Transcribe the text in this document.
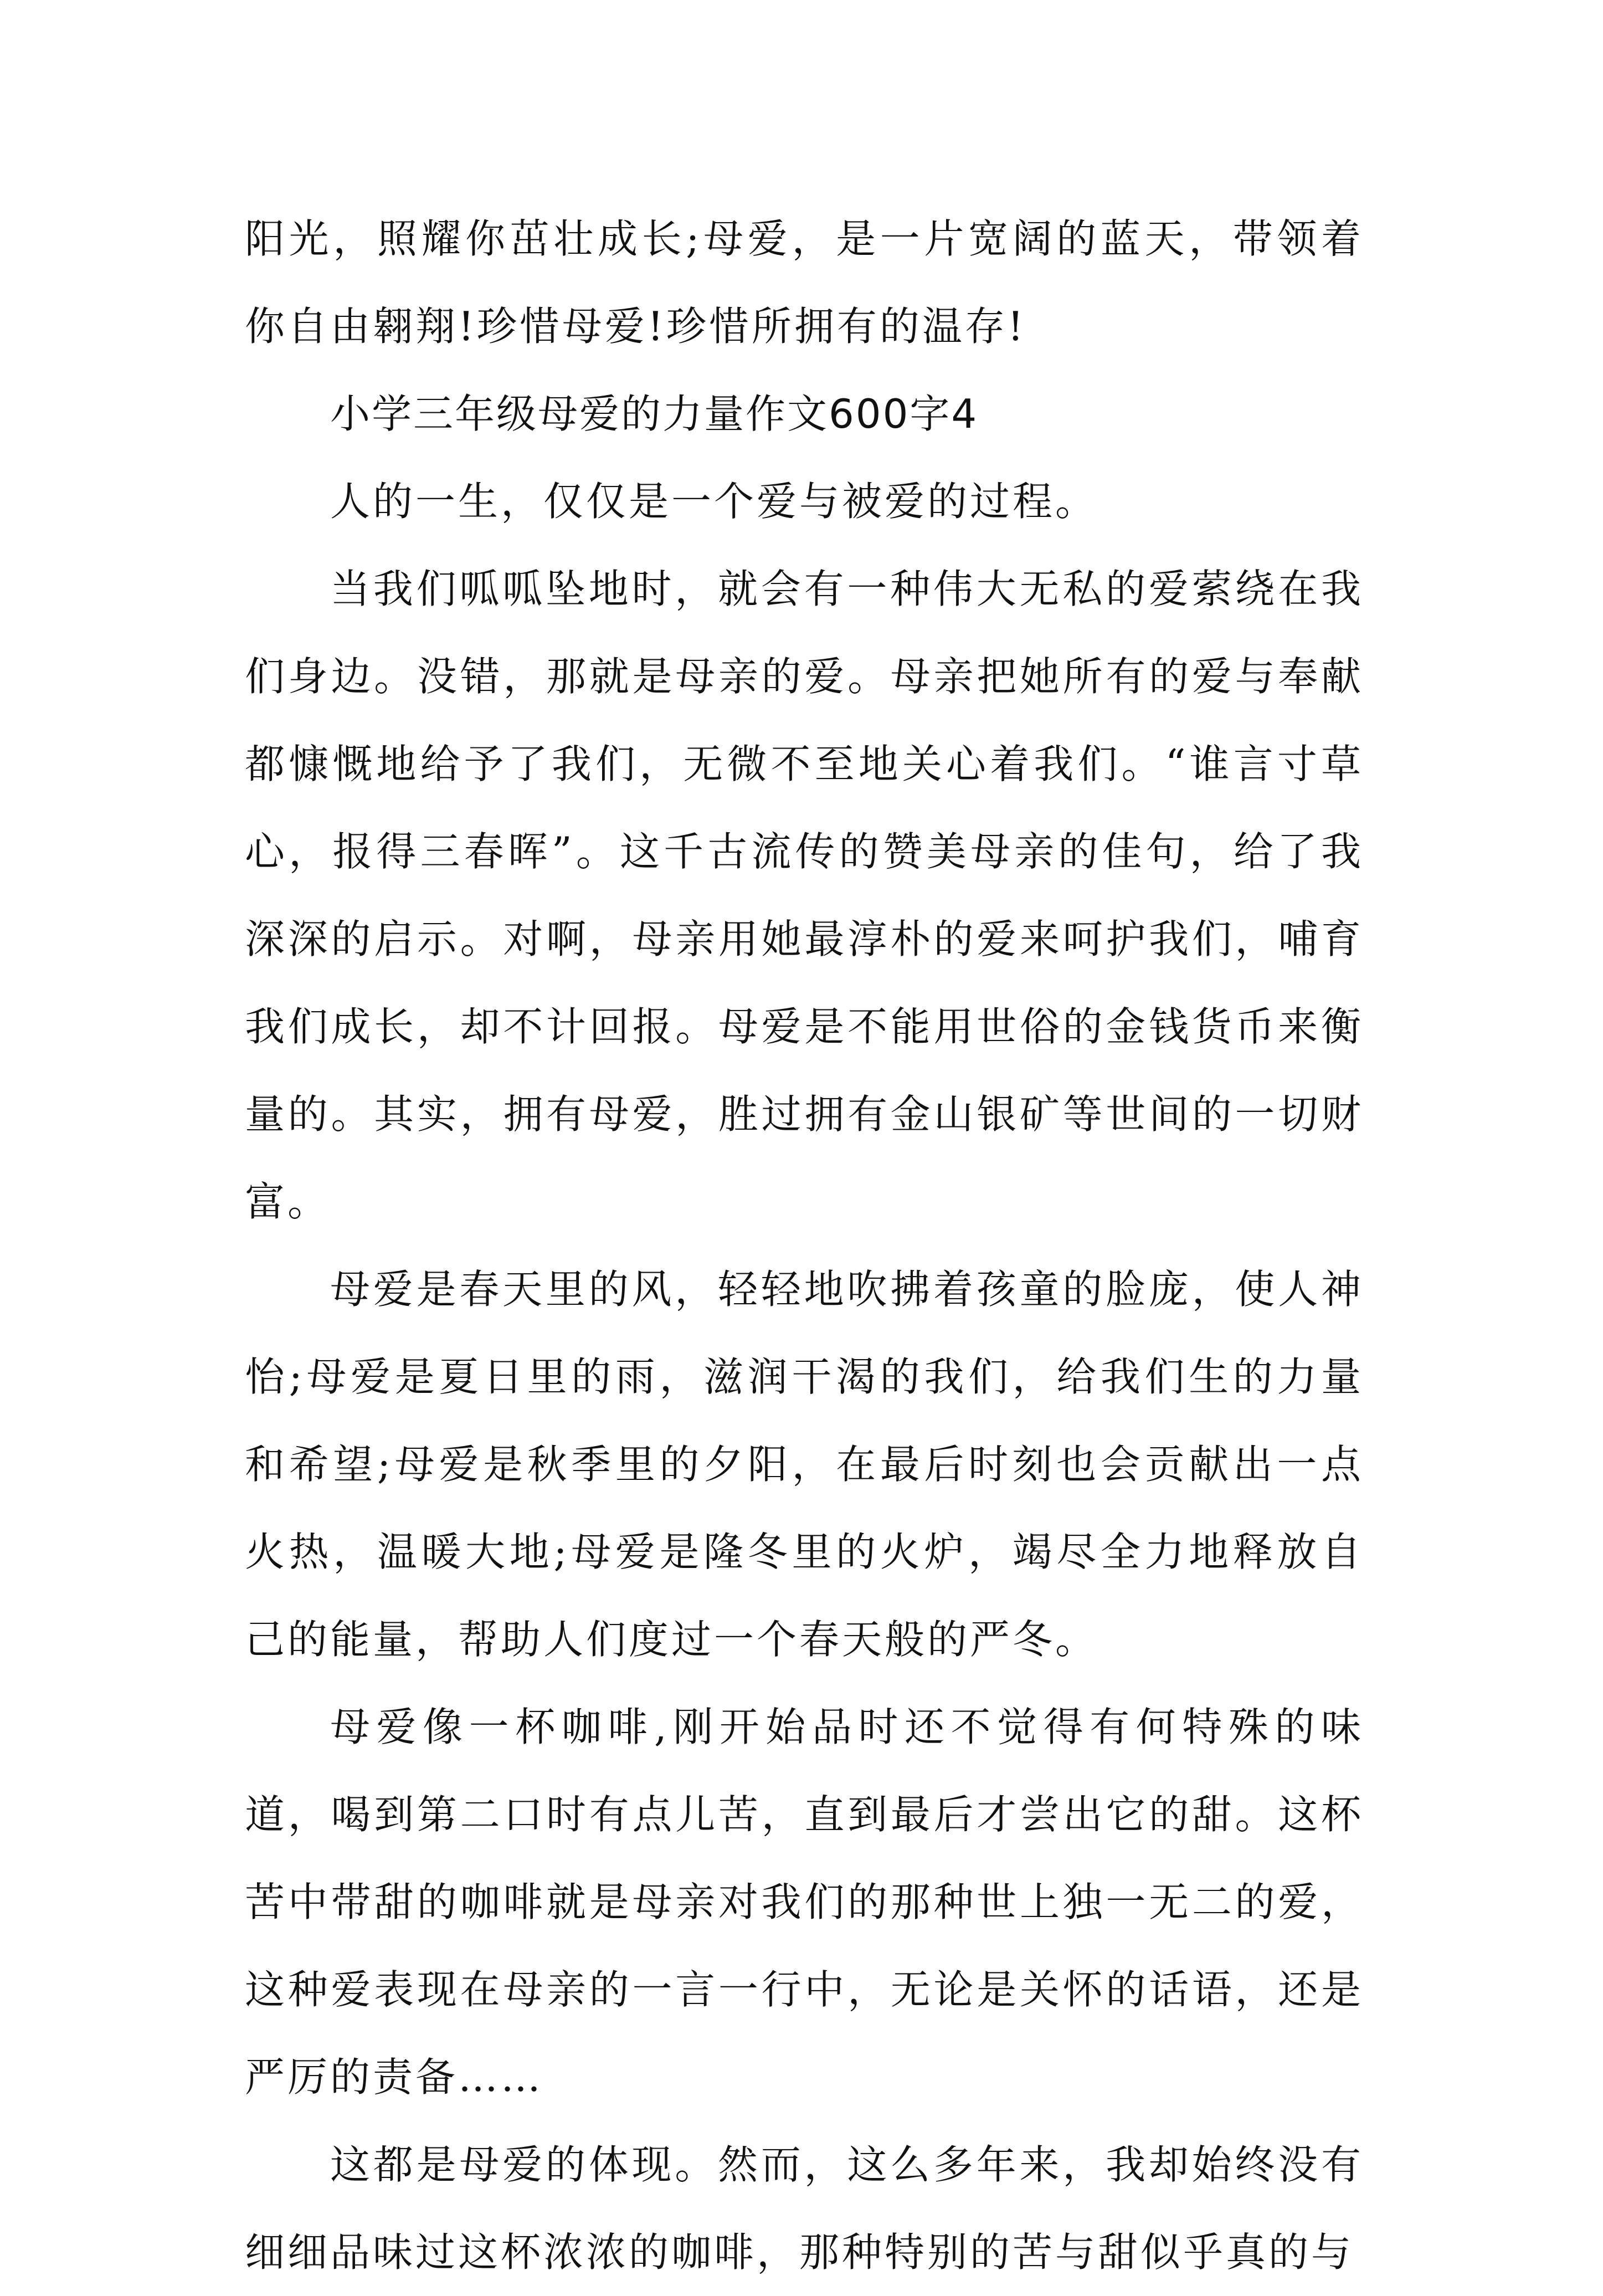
阳光，照耀你茁壮成长;母爱，是一片宽阔的蓝天，带领着你自由翱翔!珍惜母爱!珍惜所拥有的温存!

小学三年级母爱的力量作文600字4

人的一生，仅仅是一个爱与被爱的过程。

当我们呱呱坠地时，就会有一种伟大无私的爱萦绕在我们身边。没错，那就是母亲的爱。母亲把她所有的爱与奉献都慷慨地给予了我们，无微不至地关心着我们。“谁言寸草心，报得三春晖”。这千古流传的赞美母亲的佳句，给了我深深的启示。对啊，母亲用她最淳朴的爱来呵护我们，哺育我们成长，却不计回报。母爱是不能用世俗的金钱货币来衡量的。其实，拥有母爱，胜过拥有金山银矿等世间的一切财富。

母爱是春天里的风，轻轻地吹拂着孩童的脸庞，使人神怡;母爱是夏日里的雨，滋润干渴的我们，给我们生的力量和希望;母爱是秋季里的夕阳，在最后时刻也会贡献出一点火热，温暖大地;母爱是隆冬里的火炉，竭尽全力地释放自己的能量，帮助人们度过一个春天般的严冬。

母爱像一杯咖啡,刚开始品时还不觉得有何特殊的味道，喝到第二口时有点儿苦，直到最后才尝出它的甜。这杯苦中带甜的咖啡就是母亲对我们的那种世上独一无二的爱，这种爱表现在母亲的一言一行中，无论是关怀的话语，还是严厉的责备……

这都是母爱的体现。然而，这么多年来，我却始终没有细细品味过这杯浓浓的咖啡，那种特别的苦与甜似乎真的与
